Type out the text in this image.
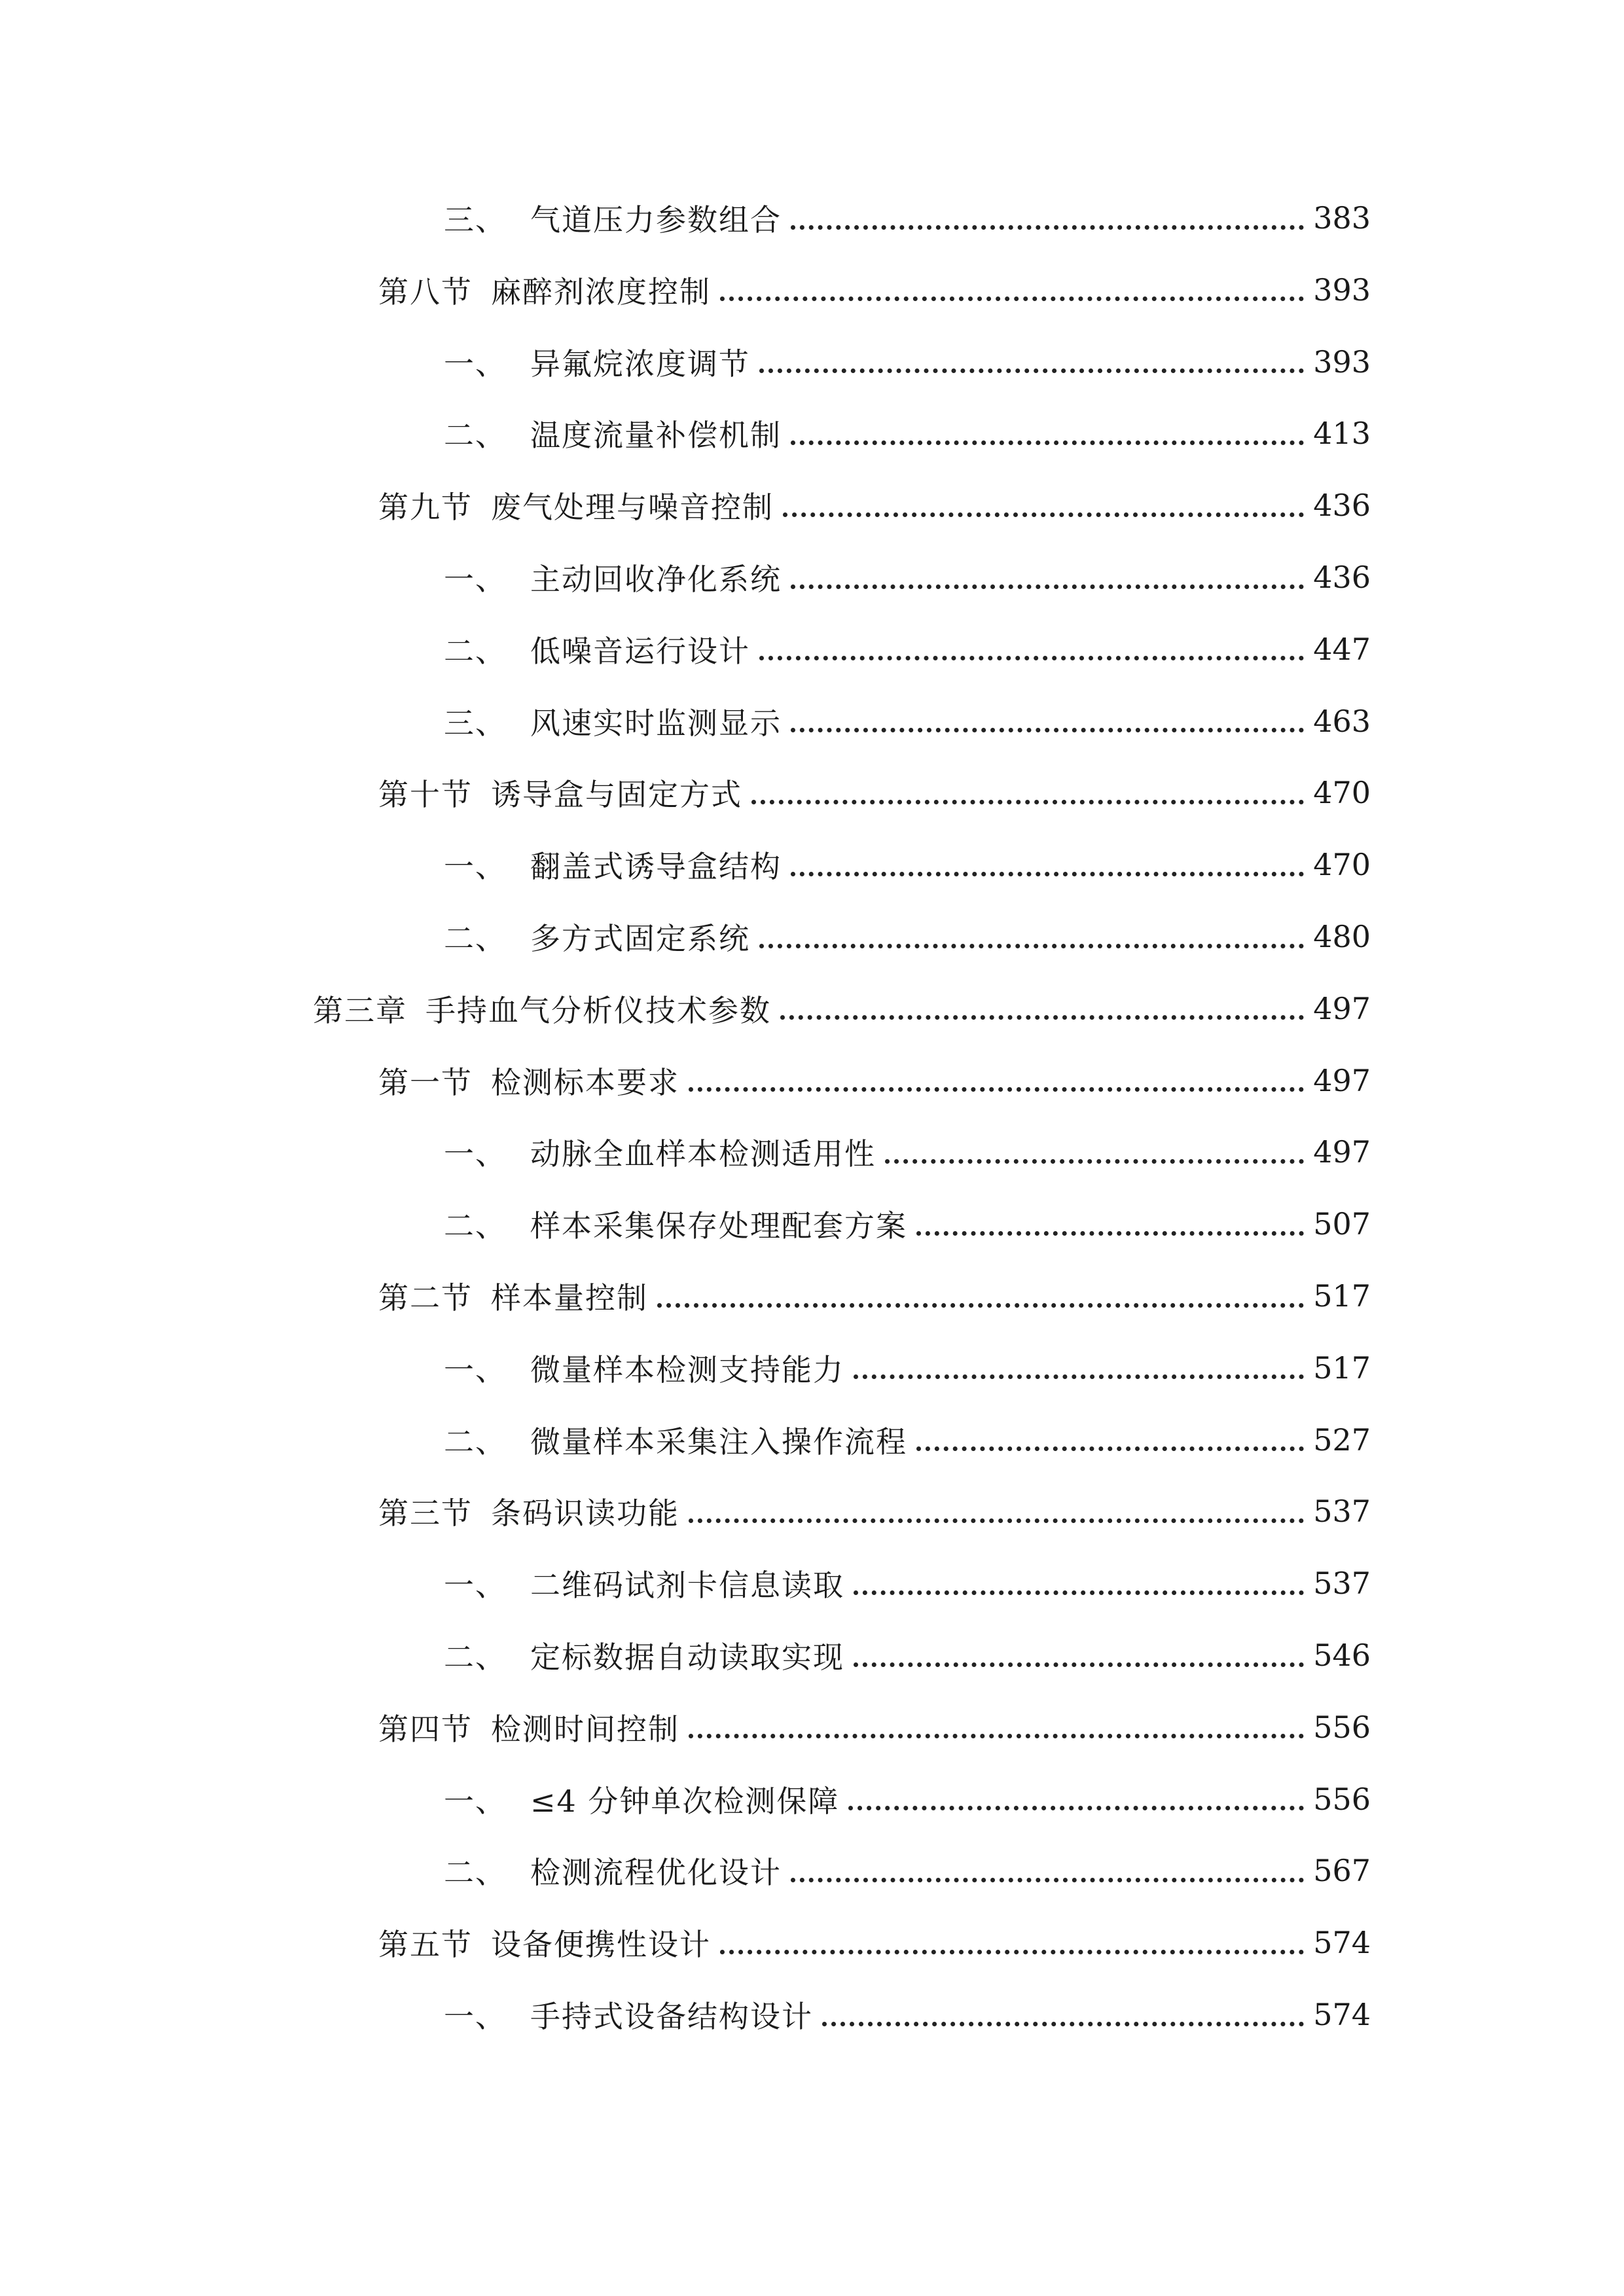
三、 气道压力参数组合	383
第八节 麻醉剂浓度控制	393
一、 异氟烷浓度调节	393
二、 温度流量补偿机制	413
第九节 废气处理与噪音控制	436
一、 主动回收净化系统	436
二、 低噪音运行设计	447
三、 风速实时监测显示	463
第十节 诱导盒与固定方式	470
一、 翻盖式诱导盒结构	470
二、 多方式固定系统	480
第三章 手持血气分析仪技术参数	497
第一节 检测标本要求	497
一、 动脉全血样本检测适用性	497
二、 样本采集保存处理配套方案	507
第二节 样本量控制	517
一、 微量样本检测支持能力	517
二、 微量样本采集注入操作流程	527
第三节 条码识读功能	537
一、 二维码试剂卡信息读取	537
二、 定标数据自动读取实现	546
第四节 检测时间控制	556
一、 ≤4 分钟单次检测保障	556
二、 检测流程优化设计	567
第五节 设备便携性设计	574
一、 手持式设备结构设计	574
